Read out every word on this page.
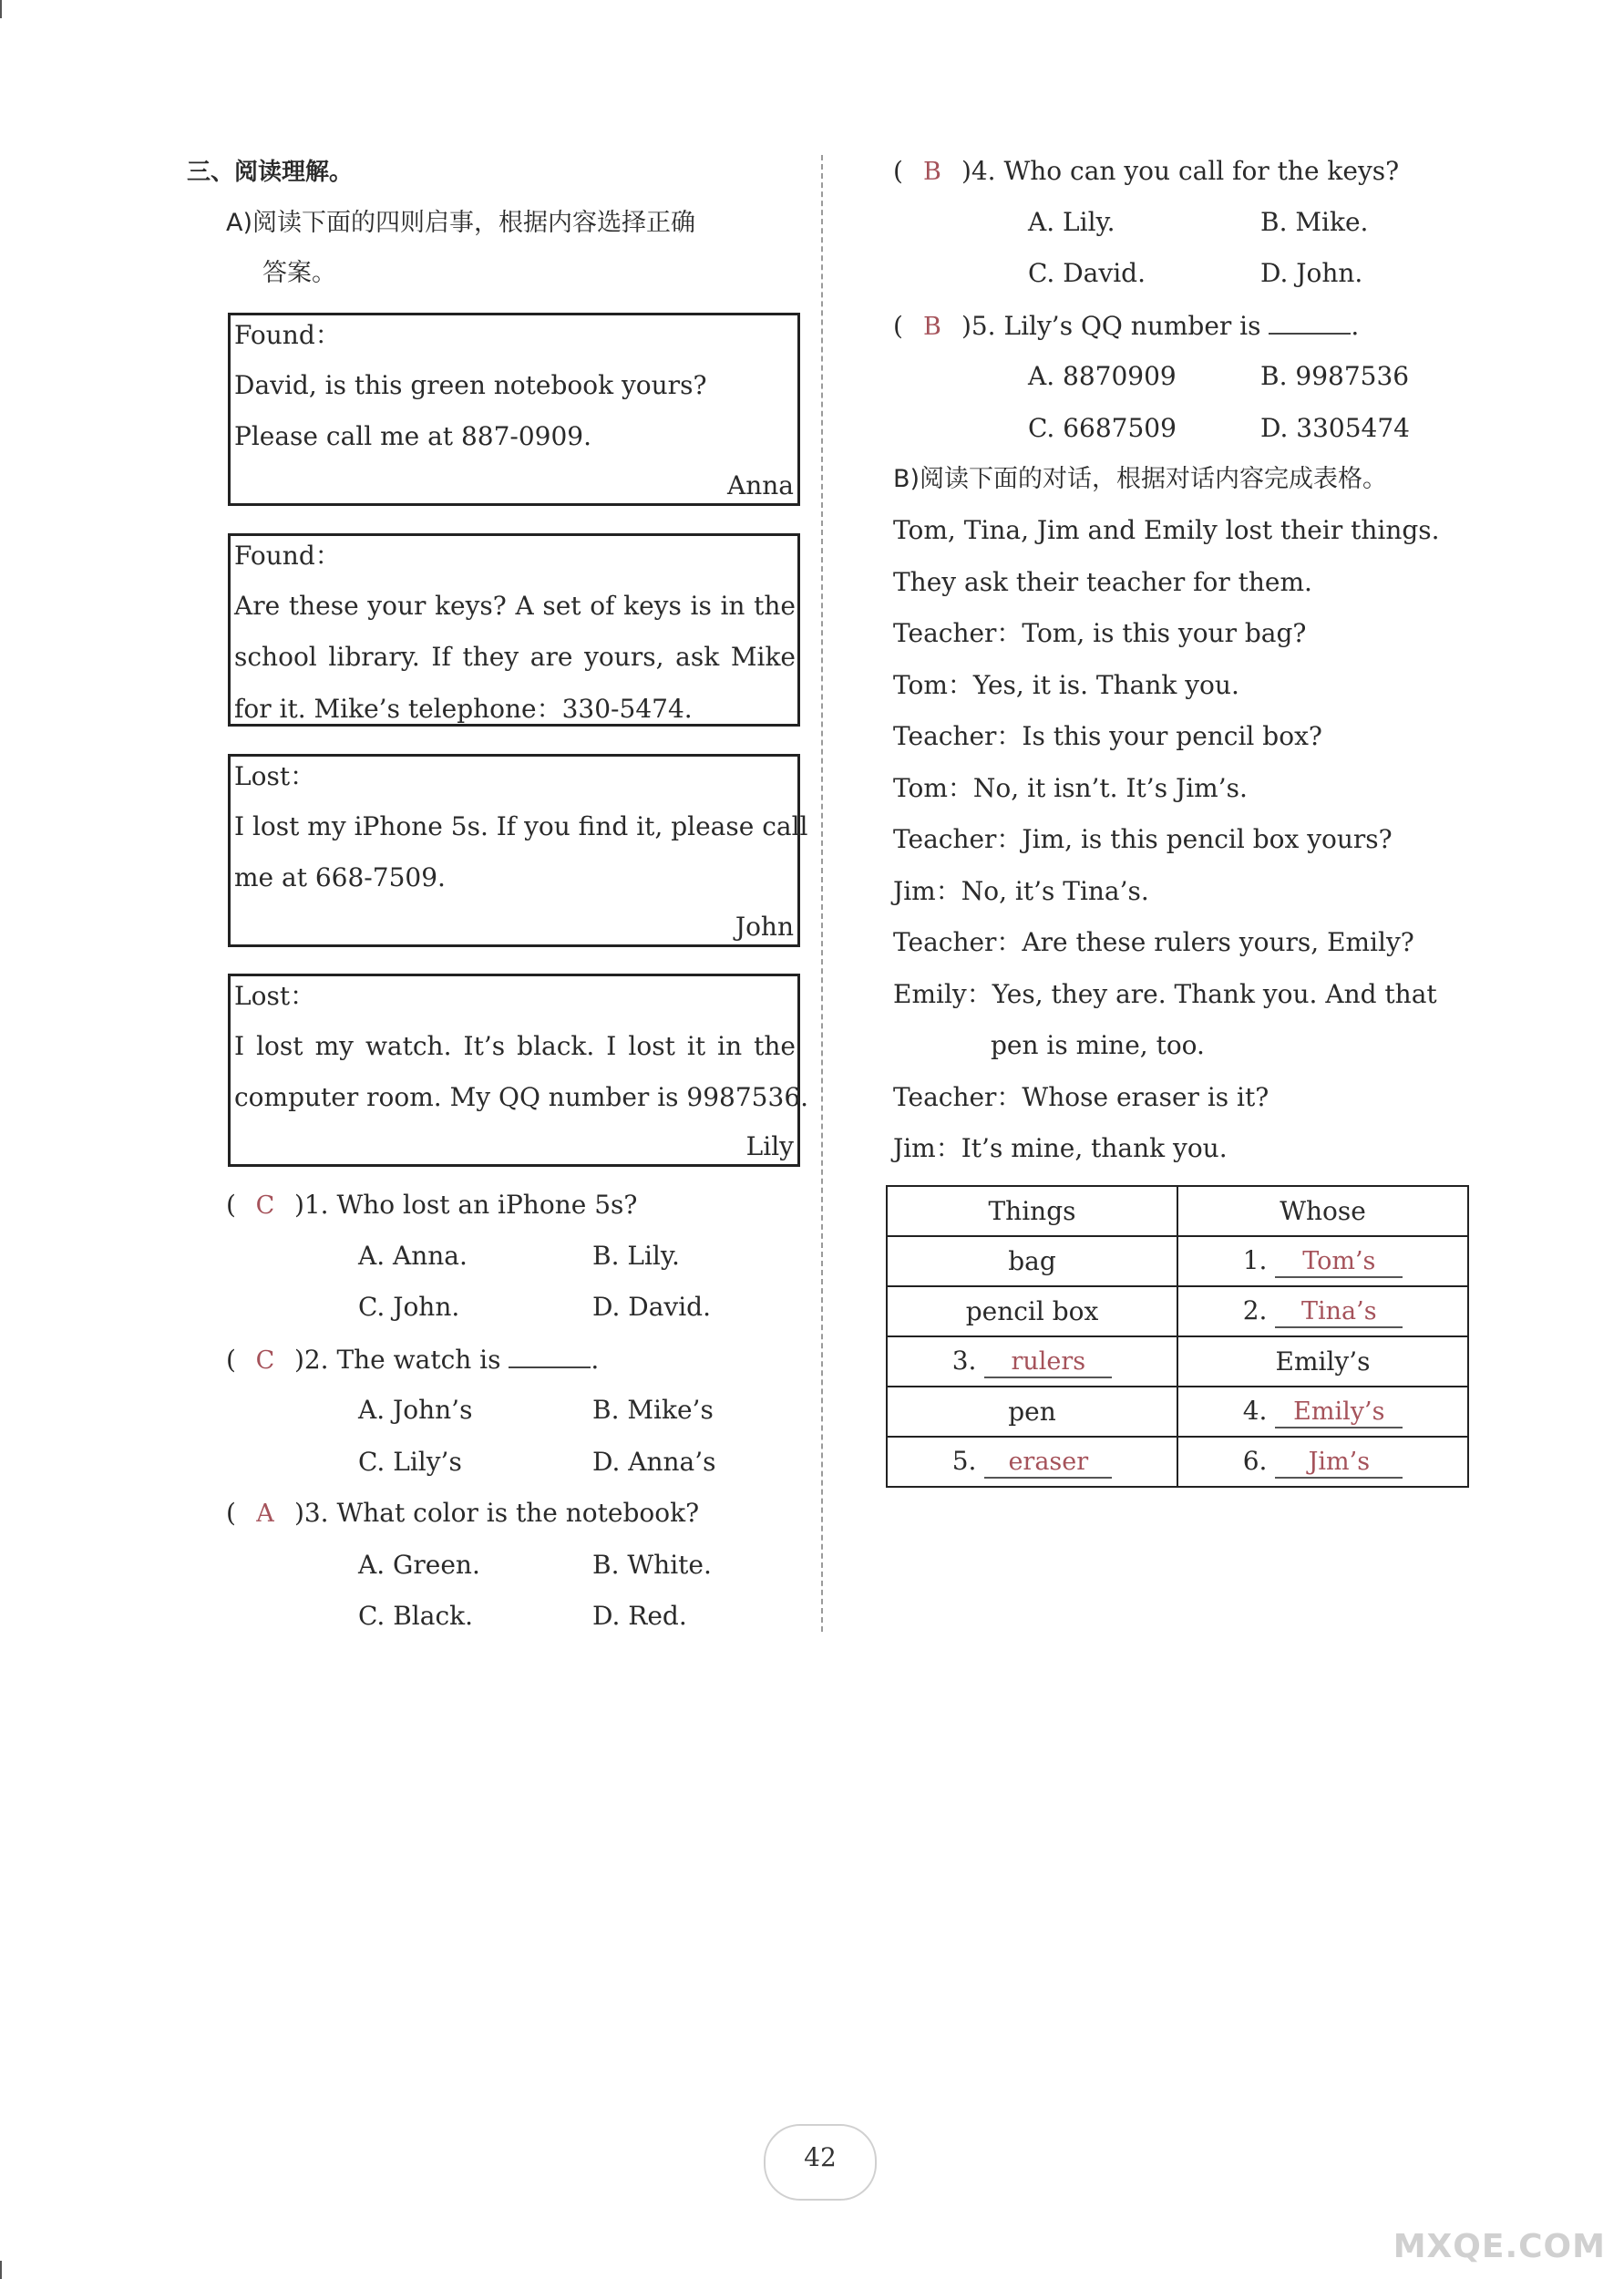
三、阅读理解。
A)阅读下面的四则启事，根据内容选择正确
答案。
Found：
David, is this green notebook yours?
Please call me at 887-0909.
Anna
Found：
Are these your keys? A set of keys is in the
school library. If they are yours, ask Mike
for it. Mike’s telephone：330-5474.
Lost：
I lost my iPhone 5s. If you find it, please call
me at 668-7509.
John
Lost：
I lost my watch. It’s black. I lost it in the
computer room. My QQ number is 9987536.
Lily
( C )1. Who lost an iPhone 5s?
A. Anna.	B. Lily.
C. John.	D. David.
( C )2. The watch is	.
A. John’s	B. Mike’s
C. Lily’s	D. Anna’s
( A )3. What color is the notebook?
A. Green.	B. White.
C. Black.	D. Red.
( B )4. Who can you call for the keys?
A. Lily.	B. Mike.
C. David.	D. John.
( B )5. Lily’s QQ number is	.
A. 8870909	B. 9987536
C. 6687509	D. 3305474
B)阅读下面的对话，根据对话内容完成表格。
Tom, Tina, Jim and Emily lost their things.
They ask their teacher for them.
Teacher：Tom, is this your bag?
Tom：Yes, it is. Thank you.
Teacher：Is this your pencil box?
Tom：No, it isn’t. It’s Jim’s.
Teacher：Jim, is this pencil box yours?
Jim：No, it’s Tina’s.
Teacher：Are these rulers yours, Emily?
Emily：Yes, they are. Thank you. And that
pen is mine, too.
Teacher：Whose eraser is it?
Jim：It’s mine, thank you.
Things	Whose
bag	1. Tom’s
pencil box	2. Tina’s
3. rulers	Emily’s
pen	4. Emily’s
5. eraser	6. Jim’s
42
MXQE.COM
